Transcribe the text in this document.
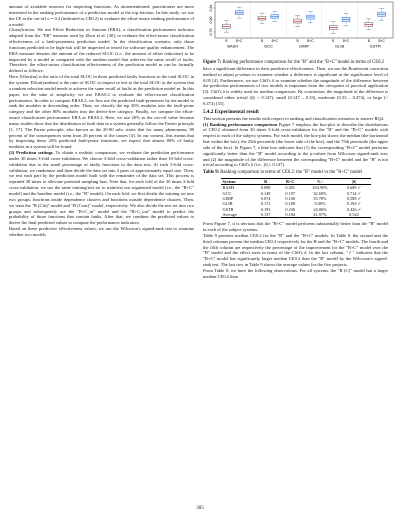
amount of available resource for inspecting functions. As aforementioned, practitioners are more interested in the ranking performance of a prediction model at the top fraction. In this study, we use the CE at the cut-off π = 0.2 (indicated as CE0.2) to evaluate the effort-aware ranking performance of a model.

Classification. We use Effort Reduction in Amount (ERA), a classification performance indicator adapted from the "ER" measure used by Zhou et al. [40], to evaluate the effort-aware classification effectiveness of a fault-proneness prediction model. In the classification scenario, only those functions predicted to be high-risk will be inspected or tested for software quality enhancement. The ERA measure denotes the amount of the reduced SLOC (i.e., the amount of effort reduction) to be inspected by a model m compared with the random model that achieves the same recall of faults. Therefore, the effort-aware classification effectiveness of the prediction model m can be formally defined as follows:

Here, Effort(m) is the ratio of the total SLOC in those predicted faulty functions to the total SLOC in the system. Effort(random) is the ratio of SLOC to inspect or test to the total SLOC in the system that a random selection model needs to achieve the same recall of faults as the prediction model m. In this paper, for the sake of simplicity, we use ERA0.2 to evaluate the effort-aware classification performance. In order to compute ERA0.2, we first use the predicted fault-proneness by the model to rank the modules in descending order. Then, we classify the top 20% modules into the fault-prone category and the other 80% modules into the defect-free category. Finally, we compute the effort-aware classification performance ERA as ERA0.2. Here, we use 20% as the cut-off value because many studies show that the distribution of fault data in a system generally follow the Pareto principle [1, 17]. The Pareto principle, also known as the 20-80 rule, states that for many phenomena, 80 percent of the consequences stem from 20 percent of the causes [4]. In our context, this means that by inspecting these 20% predicted fault-prone functions, we expect that almost 80% of faulty modules in a system will be found.

(2) Prediction settings. To obtain a realistic comparison, we evaluate the prediction performance under 30 times 3-fold cross-validation. We choose 3-fold cross-validation rather than 10-fold cross-validation due to the small percentage of faulty functions in the data sets. At each 3-fold cross-validation, we randomize and then divide the data set into 3 parts of approximately equal size. Then, we test each part by the prediction model built with the remainder of the data set. This process is repeated 30 times to alleviate potential sampling bias. Note that, for each fold of the 30 times 3-fold cross-validation, we use the same training/test set to train/test our segmented model (i.e., the "B+C" model) and the baseline model (i.e., the "B" model). On each fold, we first divide the training set into two groups: functions inside dependence clusters and functions outside dependence clusters. Then, we train the "B (Cin)" model and "B (Cout)" model, respectively. We also divide the test set into two groups and subsequently use the "B+C_in" model and the "B+C_out" model to predict the probability of those functions that contain faults. After that, we combine the predicted values to derive the final predicted values to compute the performance indicators.

Based on these predictive effectiveness values, we use the Wilcoxon's signed-rank test to examine whether two models

0.76
0.80
0.84
B	B+C
BASH
B	B+C
GCC
B	B+C
GIMP
B	B+C
GLIB
B	B+C
GSTR

Figure 7: Ranking performance comparison for the "B" and the "B+C" model in terms of CE0.2

have a significant difference in their predictive effectiveness. Then, we use the Bonferroni correction method to adjust p-values to examine whether a difference is significant at the significance level of 0.05 [4]. Furthermore, we use Cliff's δ to examine whether the magnitude of the difference between the prediction performances of two models is important from the viewpoint of practical application [2]. Cliff's δ is widely used for median comparison. By convention, the magnitude of the difference is considered either trivial (|δ| < 0.147), small (0.147 – 0.33), moderate (0.33 – 0.474), or large (> 0.474) [35].

5.4.2 Experimental result

This section presents the results with respect to ranking and classification scenarios to answer RQ4.

(1) Ranking performance comparison Figure 7 employs the box-plot to describe the distributions of CE0.2 obtained from 30 times 3-fold cross-validation for the "B" and the "B+C" models with respect to each of the subject systems. For each model, the box-plot shows the median (the horizontal line within the box), the 25th percentile (the lower side of the box), and the 75th percentile (the upper side of the box). In Figure 7, a blue box indicates that (1) the corresponding "B+C" model performs significantly better than the "B" model according to the p-values from Wilcoxon signed-rank test; and (2) the magnitude of the difference between the corresponding "B+C" model and the "B" is not trivial according to Cliff's δ (i.e., |δ| ≥ 0.147).

Table 9: Ranking comparison in terms of CE0.2: the "B" model vs the "B+C" model

System	B	B+C	%↑	|δ|
BASH	0.098	0.201	104.90%	0.688 ✓
GCC	0.148	0.197	32.69%	0.714 ✓
GIMP	0.074	0.100	35.78%	0.588 ✓
GLIB	0.172	0.188	9.40%	0.194 ✓
GSTR	0.193	0.236	24.06%	0.426 ✓
Average	0.137	0.184	41.97%	0.522

From Figure 7, it is obvious that the "B+C" model performs substantially better than the "B" model in each of the subject systems.

Table 9 presents median CE0.2 for the "B" and the "B+C" models. In Table 9, the second and the third columns present the median CE0.2 respectively for the B and the "B+C" models. The fourth and the fifth column are respectively the percentage of the improvement for the "B+C" model over the "B" model and the effect sizes in terms of the Cliff's δ. In the last column, "✓" indicates that the "B+C" model has significantly larger median CE0.2 than the "B" model by the Wilcoxon's signed-rank test. The last row in Table 9 shows the average values for the five projects.

From Table 9, we have the following observations. For all systems, the "B (C)" model has a larger median CE0.2 than

305
